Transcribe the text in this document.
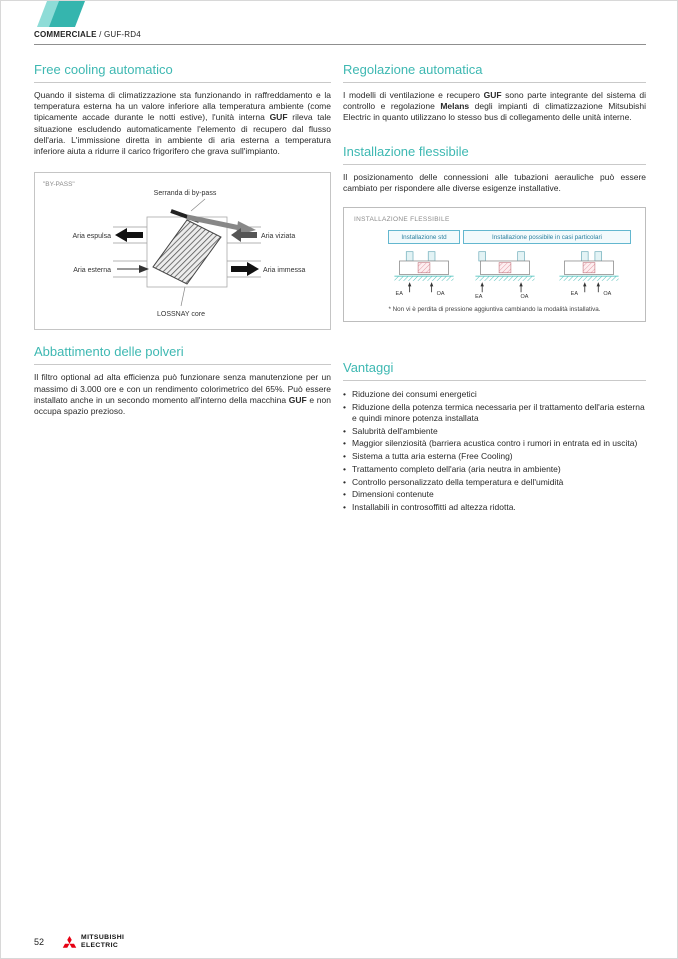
COMMERCIALE / GUF-RD4
Free cooling automatico

Quando il sistema di climatizzazione sta funzionando in raffreddamento e la temperatura esterna ha un valore inferiore alla temperatura ambiente (come tipicamente accade durante le notti estive), l'unità interna GUF rileva tale situazione escludendo automaticamente l'elemento di recupero dal flusso dell'aria. L'immissione diretta in ambiente di aria esterna a temperatura inferiore aiuta a ridurre il carico frigorifero che grava sull'impianto.

"BY-PASS"
Serranda di by-pass
Aria espulsa	Aria viziata
Aria esterna	Aria immessa
LOSSNAY core
Abbattimento delle polveri

Il filtro optional ad alta efficienza può funzionare senza manutenzione per un massimo di 3.000 ore e con un rendimento colorimetrico del 65%. Può essere installato anche in un secondo momento all'interno della macchina GUF e non occupa spazio prezioso.

Regolazione automatica

I modelli di ventilazione e recupero GUF sono parte integrante del sistema di controllo e regolazione Melans degli impianti di climatizzazione Mitsubishi Electric in quanto utilizzano lo stesso bus di collegamento delle unità interne.

Installazione flessibile

Il posizionamento delle connessioni alle tubazioni aerauliche può essere cambiato per rispondere alle diverse esigenze installative.

INSTALLAZIONE FLESSIBILE
Installazione std	Installazione possibile in casi particolari
EA	OA
EA	OA
EA	OA
* Non vi è perdita di pressione aggiuntiva cambiando la modalità installativa.
Vantaggi
• Riduzione dei consumi energetici
• Riduzione della potenza termica necessaria per il trattamento dell'aria esterna e quindi minore potenza installata
• Salubrità dell'ambiente
• Maggior silenziosità (barriera acustica contro i rumori in entrata ed in uscita)
• Sistema a tutta aria esterna (Free Cooling)
• Trattamento completo dell'aria (aria neutra in ambiente)
• Controllo personalizzato della temperatura e dell'umidità
• Dimensioni contenute
• Installabili in controsoffitti ad altezza ridotta.
52	MITSUBISHI
ELECTRIC
